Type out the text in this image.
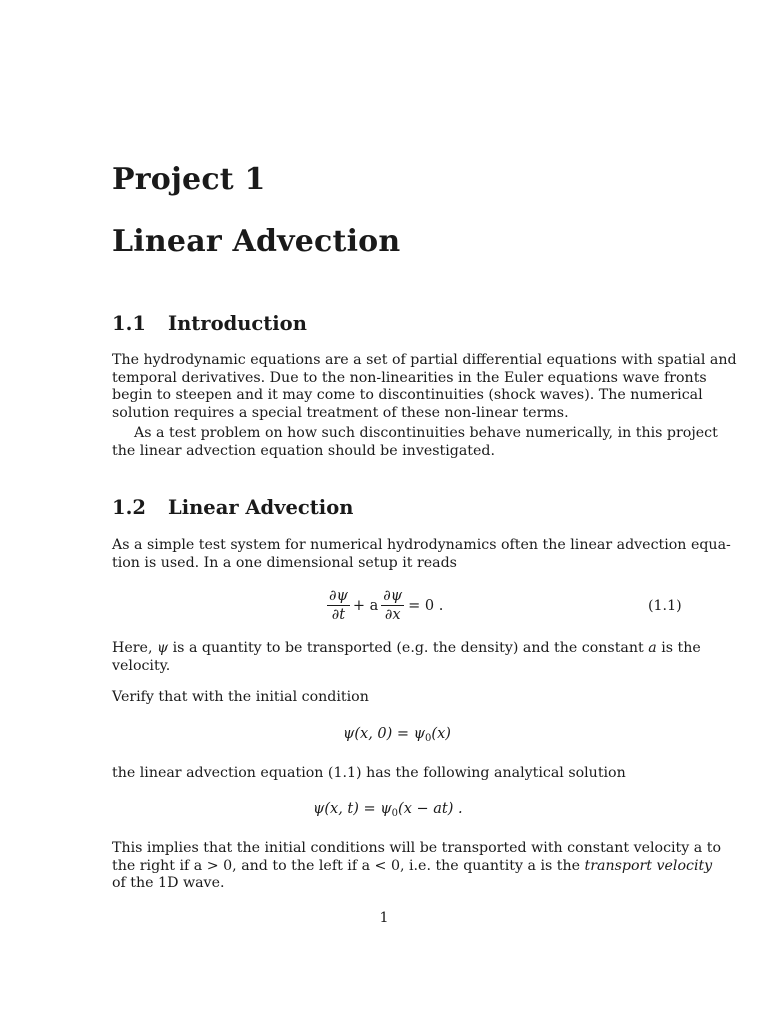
Project 1
Linear Advection
1.1 Introduction
The hydrodynamic equations are a set of partial differential equations with spatial and
temporal derivatives. Due to the non-linearities in the Euler equations wave fronts
begin to steepen and it may come to discontinuities (shock waves). The numerical
solution requires a special treatment of these non-linear terms.
As a test problem on how such discontinuities behave numerically, in this project
the linear advection equation should be investigated.
1.2 Linear Advection
As a simple test system for numerical hydrodynamics often the linear advection equa-
tion is used. In a one dimensional setup it reads
$\frac{\partial\psi}{\partial t} + a \frac{\partial\psi}{\partial x} = 0$ .	(1.1)
Here, ψ is a quantity to be transported (e.g. the density) and the constant a is the
velocity.
Verify that with the initial condition
ψ(x, $0) = \psi_0(x)$
the linear advection equation (1.1) has the following analytical solution
ψ(x, $t) = \psi_0(x - at)$ .
This implies that the initial conditions will be transported with constant velocity a to
the right if a > 0, and to the left if a < 0, i.e. the quantity a is the transport velocity
of the 1D wave.
1
